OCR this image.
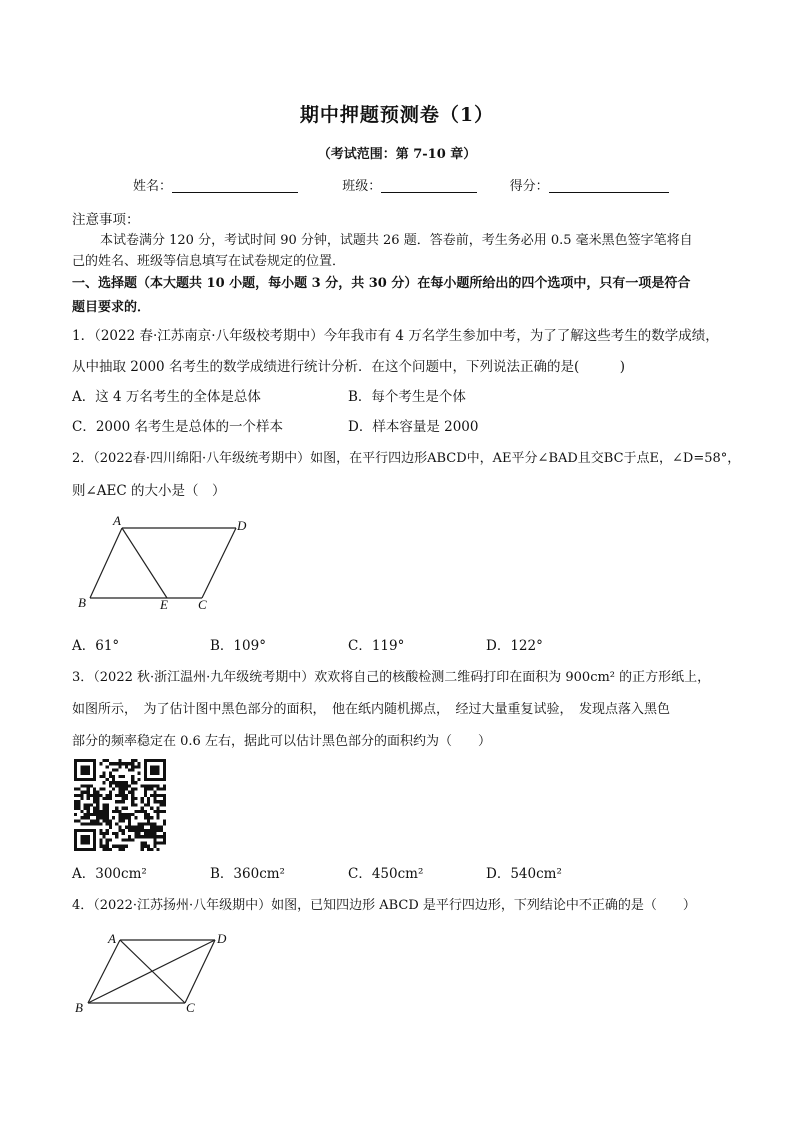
期中押题预测卷（1）
（考试范围：第 7-10 章）
姓名：	班级：	得分：
注意事项：
本试卷满分 120 分，考试时间 90 分钟，试题共 26 题．答卷前，考生务必用 0.5 毫米黑色签字笔将自
己的姓名、班级等信息填写在试卷规定的位置．
一、选择题（本大题共 10 小题，每小题 3 分，共 30 分）在每小题所给出的四个选项中，只有一项是符合
题目要求的．
1．（2022 春·江苏南京·八年级校考期中）今年我市有 4 万名学生参加中考，为了了解这些考生的数学成绩，
从中抽取 2000 名考生的数学成绩进行统计分析．在这个问题中，下列说法正确的是(　　　)
A．这 4 万名考生的全体是总体	B．每个考生是个体
C．2000 名考生是总体的一个样本	D．样本容量是 2000
2．（2022春·四川绵阳·八年级统考期中）如图，在平行四边形ABCD中，AE平分∠BAD且交BC于点E，∠D=58°，
则∠AEC 的大小是（　）
A	D
B	E C
A．61°	B．109°	C．119°	D．122°
3．（2022 秋·浙江温州·九年级统考期中）欢欢将自己的核酸检测二维码打印在面积为 900cm² 的正方形纸上，
如图所示，　为了估计图中黑色部分的面积，　他在纸内随机掷点，　经过大量重复试验，　发现点落入黑色
部分的频率稳定在 0.6 左右，据此可以估计黑色部分的面积约为（　　）
A．300cm²	B．360cm²	C．450cm²	D．540cm²
4．（2022·江苏扬州·八年级期中）如图，已知四边形 ABCD 是平行四边形，下列结论中不正确的是（　　）
A	D
B	C
